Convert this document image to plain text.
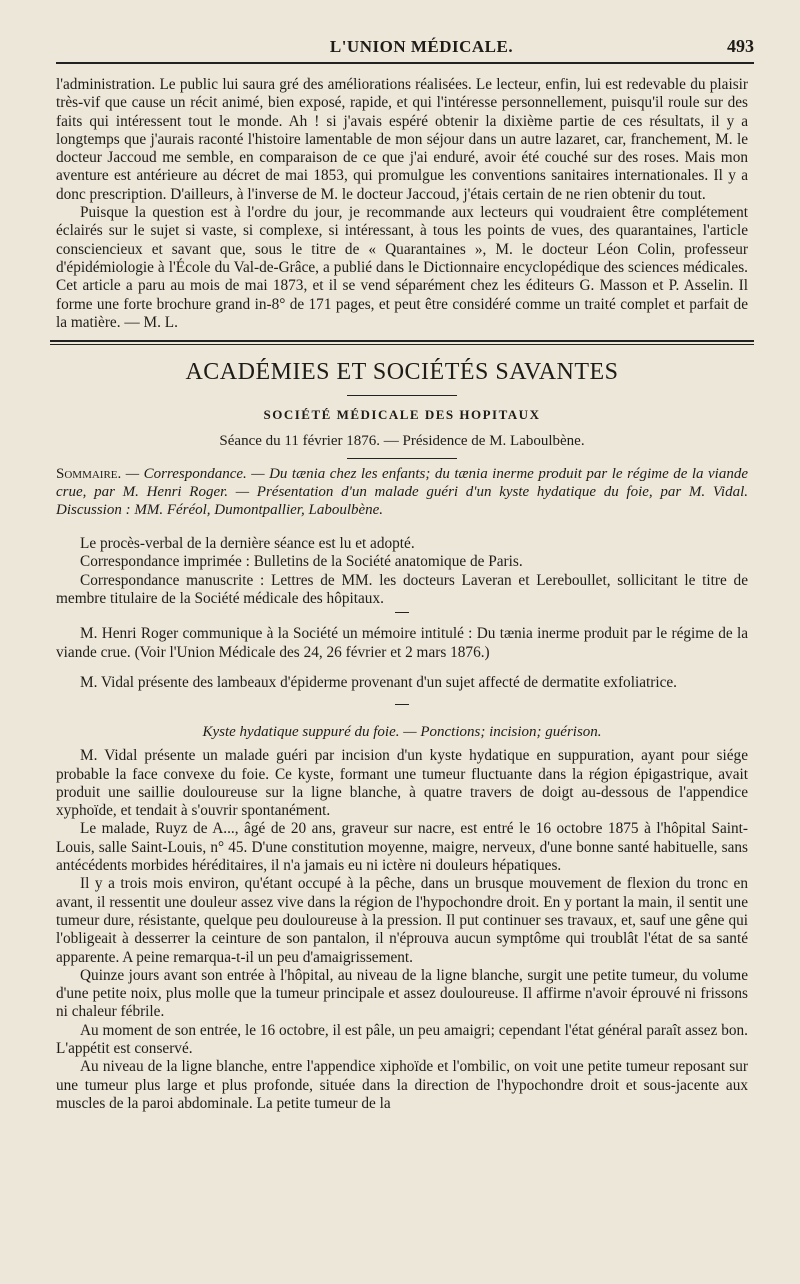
L'UNION MÉDICALE.	493

l'administration. Le public lui saura gré des améliorations réalisées. Le lecteur, enfin, lui est redevable du plaisir très-vif que cause un récit animé, bien exposé, rapide, et qui l'intéresse personnellement, puisqu'il roule sur des faits qui intéressent tout le monde. Ah ! si j'avais espéré obtenir la dixième partie de ces résultats, il y a longtemps que j'aurais raconté l'histoire lamentable de mon séjour dans un autre lazaret, car, franchement, M. le docteur Jaccoud me semble, en comparaison de ce que j'ai enduré, avoir été couché sur des roses. Mais mon aventure est antérieure au décret de mai 1853, qui promulgue les conventions sanitaires internationales. Il y a donc prescription. D'ailleurs, à l'inverse de M. le docteur Jaccoud, j'étais certain de ne rien obtenir du tout.

Puisque la question est à l'ordre du jour, je recommande aux lecteurs qui voudraient être complétement éclairés sur le sujet si vaste, si complexe, si intéressant, à tous les points de vues, des quarantaines, l'article consciencieux et savant que, sous le titre de « Quarantaines », M. le docteur Léon Colin, professeur d'épidémiologie à l'École du Val-de-Grâce, a publié dans le Dictionnaire encyclopédique des sciences médicales. Cet article a paru au mois de mai 1873, et il se vend séparément chez les éditeurs G. Masson et P. Asselin. Il forme une forte brochure grand in-8° de 171 pages, et peut être considéré comme un traité complet et parfait de la matière. — M. L.

ACADÉMIES ET SOCIÉTÉS SAVANTES
SOCIÉTÉ MÉDICALE DES HOPITAUX
Séance du 11 février 1876. — Présidence de M. Laboulbène.

Sommaire. — Correspondance. — Du tænia chez les enfants; du tænia inerme produit par le régime de la viande crue, par M. Henri Roger. — Présentation d'un malade guéri d'un kyste hydatique du foie, par M. Vidal. Discussion : MM. Féréol, Dumontpallier, Laboulbène.

Le procès-verbal de la dernière séance est lu et adopté.

Correspondance imprimée : Bulletins de la Société anatomique de Paris.

Correspondance manuscrite : Lettres de MM. les docteurs Laveran et Lereboullet, sollicitant le titre de membre titulaire de la Société médicale des hôpitaux.

M. Henri Roger communique à la Société un mémoire intitulé : Du tænia inerme produit par le régime de la viande crue. (Voir l'Union Médicale des 24, 26 février et 2 mars 1876.)

M. Vidal présente des lambeaux d'épiderme provenant d'un sujet affecté de dermatite exfoliatrice.

Kyste hydatique suppuré du foie. — Ponctions; incision; guérison.

M. Vidal présente un malade guéri par incision d'un kyste hydatique en suppuration, ayant pour siége probable la face convexe du foie. Ce kyste, formant une tumeur fluctuante dans la région épigastrique, avait produit une saillie douloureuse sur la ligne blanche, à quatre travers de doigt au-dessous de l'appendice xyphoïde, et tendait à s'ouvrir spontanément.

Le malade, Ruyz de A..., âgé de 20 ans, graveur sur nacre, est entré le 16 octobre 1875 à l'hôpital Saint-Louis, salle Saint-Louis, n° 45. D'une constitution moyenne, maigre, nerveux, d'une bonne santé habituelle, sans antécédents morbides héréditaires, il n'a jamais eu ni ictère ni douleurs hépatiques.

Il y a trois mois environ, qu'étant occupé à la pêche, dans un brusque mouvement de flexion du tronc en avant, il ressentit une douleur assez vive dans la région de l'hypochondre droit. En y portant la main, il sentit une tumeur dure, résistante, quelque peu douloureuse à la pression. Il put continuer ses travaux, et, sauf une gêne qui l'obligeait à desserrer la ceinture de son pantalon, il n'éprouva aucun symptôme qui troublât l'état de sa santé apparente. A peine remarqua-t-il un peu d'amaigrissement.

Quinze jours avant son entrée à l'hôpital, au niveau de la ligne blanche, surgit une petite tumeur, du volume d'une petite noix, plus molle que la tumeur principale et assez douloureuse. Il affirme n'avoir éprouvé ni frissons ni chaleur fébrile.

Au moment de son entrée, le 16 octobre, il est pâle, un peu amaigri; cependant l'état général paraît assez bon. L'appétit est conservé.

Au niveau de la ligne blanche, entre l'appendice xiphoïde et l'ombilic, on voit une petite tumeur reposant sur une tumeur plus large et plus profonde, située dans la direction de l'hypochondre droit et sous-jacente aux muscles de la paroi abdominale. La petite tumeur de la
